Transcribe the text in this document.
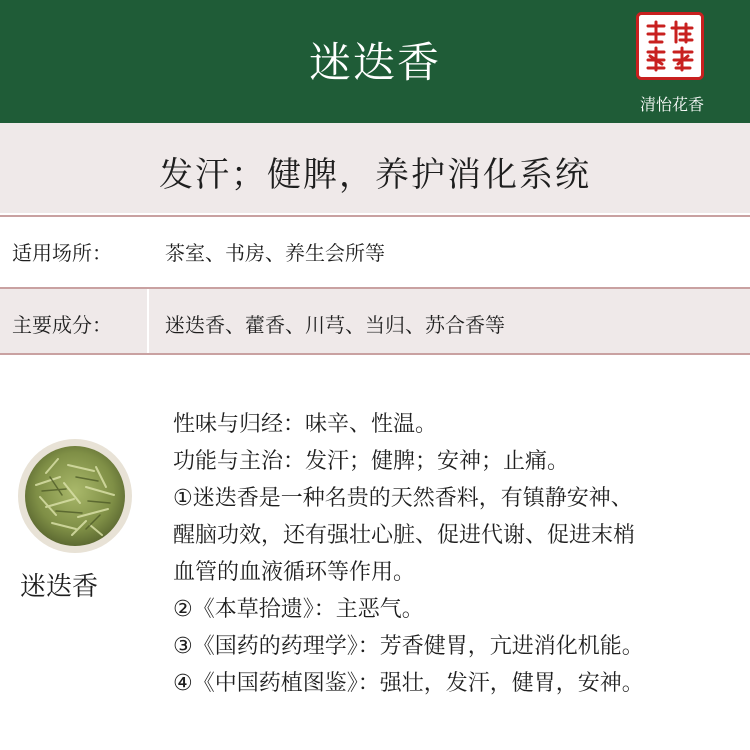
迷迭香
清怡花香
发汗；健脾，养护消化系统
适用场所：	茶室、书房、养生会所等
主要成分：	迷迭香、藿香、川芎、当归、苏合香等
迷迭香
性味与归经：味辛、性温。
功能与主治：发汗；健脾；安神；止痛。
①迷迭香是一种名贵的天然香料，有镇静安神、
醒脑功效，还有强壮心脏、促进代谢、促进末梢
血管的血液循环等作用。
②《本草拾遗》：主恶气。
③《国药的药理学》：芳香健胃，亢进消化机能。
④《中国药植图鉴》：强壮，发汗，健胃，安神。
